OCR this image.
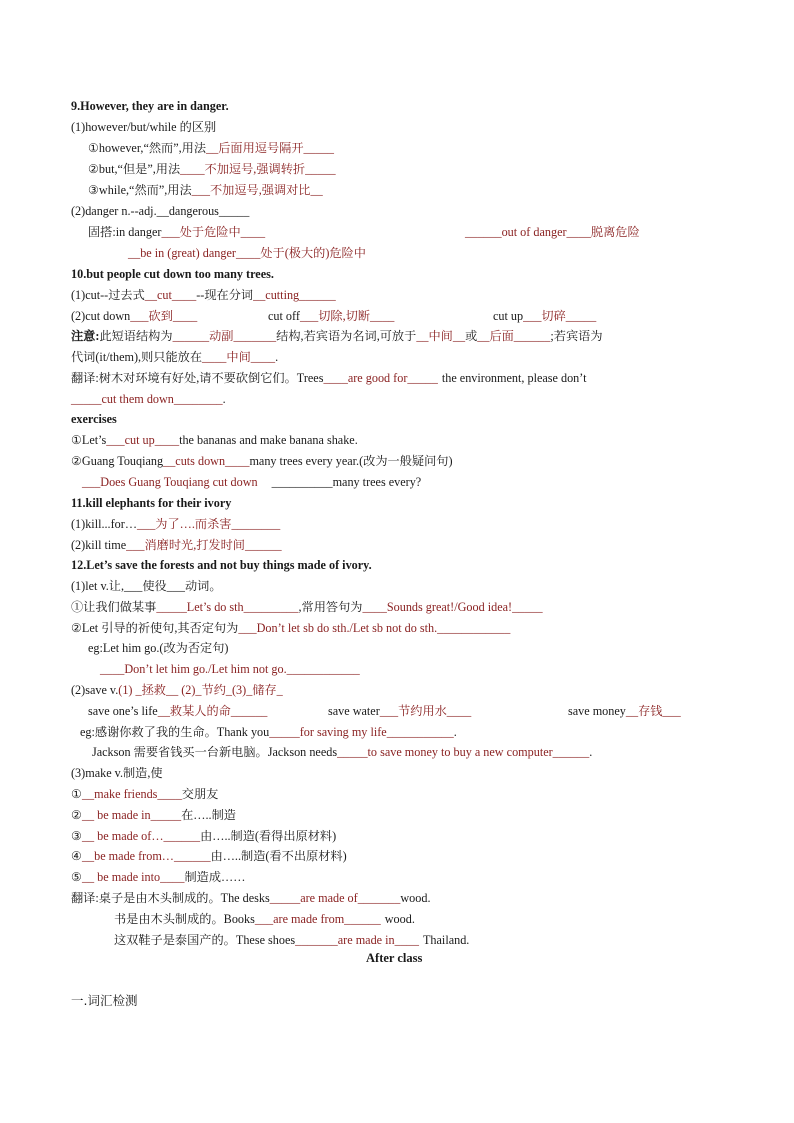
9.However, they are in danger.
(1)however/but/while 的区别
①however,“然而”,用法__后面用逗号隔开_____
②but,“但是”,用法____不加逗号,强调转折_____
③while,“然而”,用法___不加逗号,强调对比__
(2)danger n.--adj.__dangerous_____
固搭:in danger___处于危险中____	______out of danger____脱离危险
__be in (great) danger____处于(极大的)危险中
10.but people cut down too many trees.
(1)cut--过去式__cut____--现在分词__cutting______
(2)cut down___砍到____	cut off___切除,切断____	cut up___切碎_____
注意:此短语结构为______动副_______结构,若宾语为名词,可放于__中间__或__后面______;若宾语为
代词(it/them),则只能放在____中间____.
翻译:树木对环境有好处,请不要砍倒它们。Trees____are good for_____ the environment, please don’t
_____cut them down________.
exercises
①Let’s___cut up____the bananas and make banana shake.
②Guang Touqiang__cuts down____many trees every year.(改为一般疑问句)
___Does Guang Touqiang cut down __________many trees every?
11.kill elephants for their ivory
(1)kill...for…___为了….而杀害________
(2)kill time___消磨时光,打发时间______
12.Let’s save the forests and not buy things made of ivory.
(1)let v.让,___使役___动词。
①让我们做某事_____Let’s do sth_________,常用答句为____Sounds great!/Good idea!_____
②Let 引导的祈使句,其否定句为___Don’t let sb do sth./Let sb not do sth.____________
eg:Let him go.(改为否定句)
____Don’t let him go./Let him not go.____________
(2)save v.(1) _拯救__ (2)_节约_(3)_储存_
save one’s life__救某人的命______	save water___节约用水____	save money__存钱___
eg:感谢你救了我的生命。Thank you_____for saving my life___________.
Jackson 需要省钱买一台新电脑。Jackson needs_____to save money to buy a new computer______.
(3)make v.制造,使
①__make friends____交朋友
②__ be made in_____在…..制造
③__ be made of…______由…..制造(看得出原材料)
④__be made from…______由…..制造(看不出原材料)
⑤__ be made into____制造成……
翻译:桌子是由木头制成的。The desks_____are made of_______wood.
书是由木头制成的。Books___are made from______ wood.
这双鞋子是泰国产的。These shoes_______are made in____ Thailand.
After class
一.词汇检测
